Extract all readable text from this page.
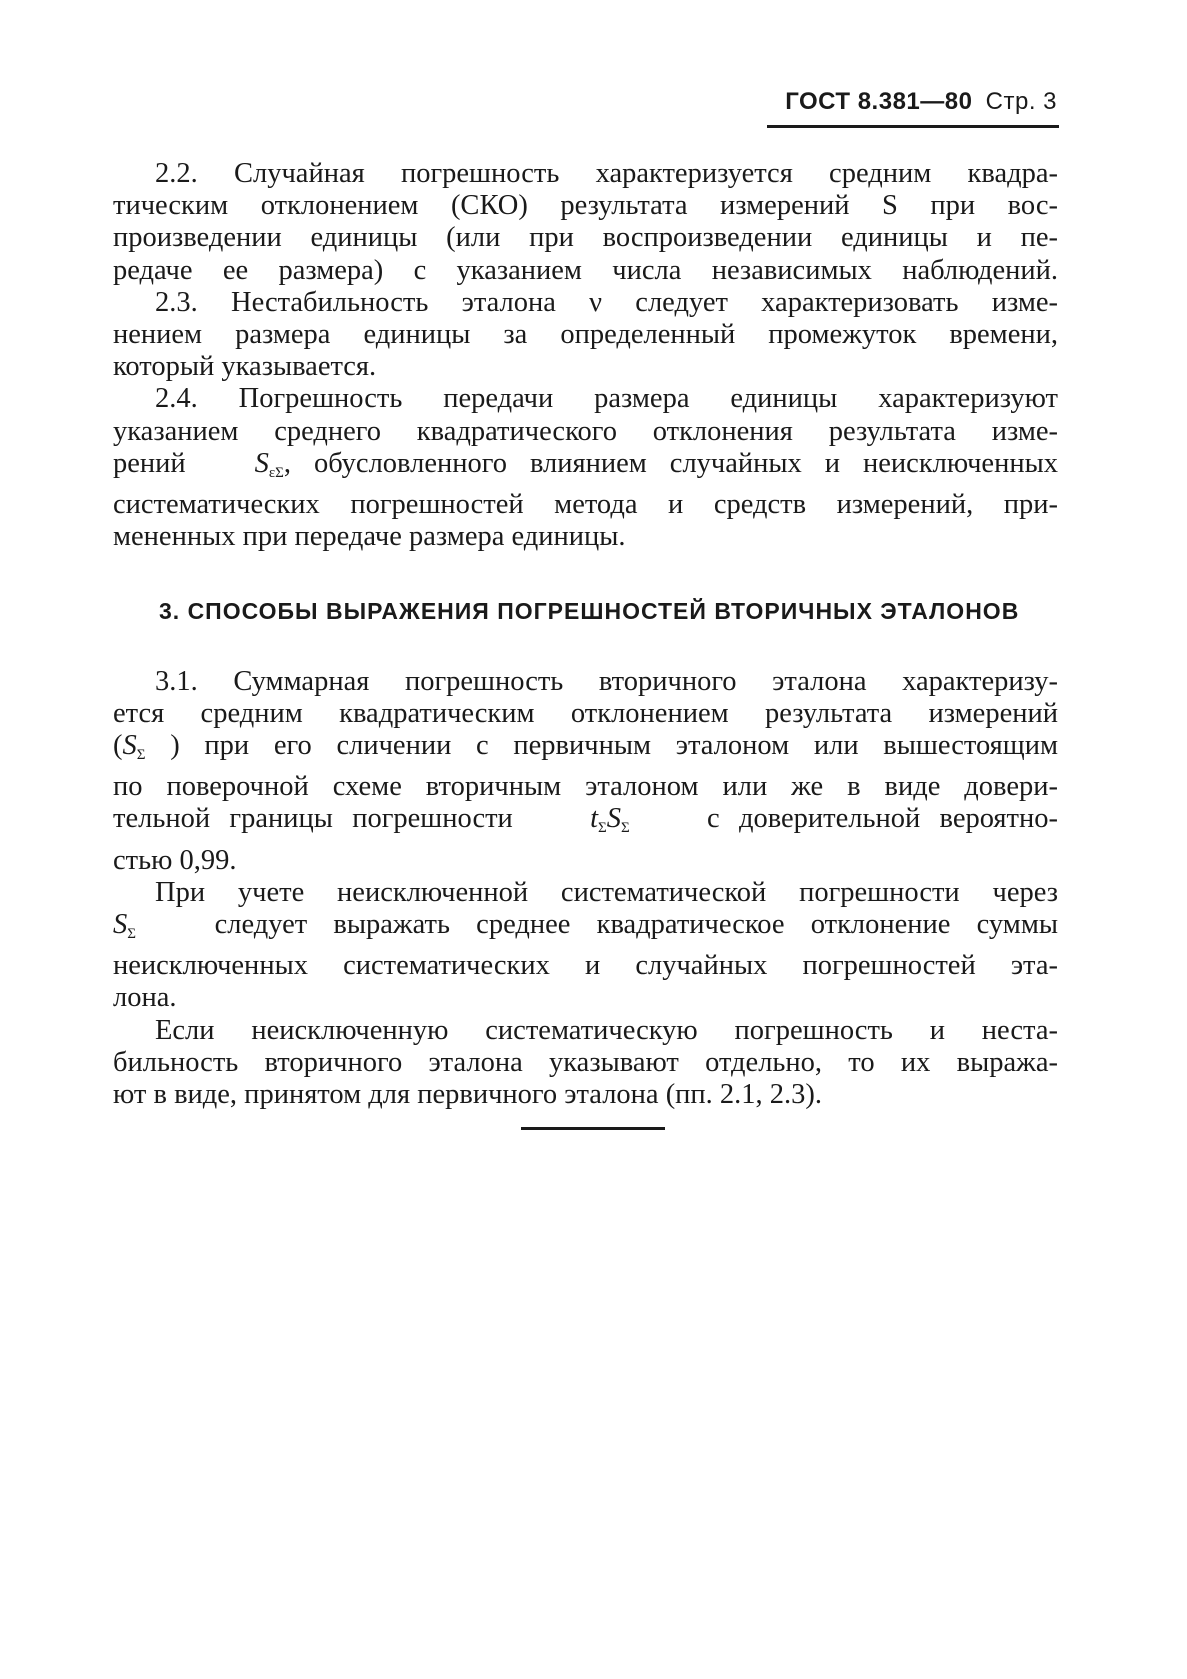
ГОСТ 8.381—80 Стр. 3

2.2. Случайная погрешность характеризуется средним квадра-
тическим отклонением (СКО) результата измерений S при вос-
произведении единицы (или при воспроизведении единицы и пе-
редаче ее размера) с указанием числа независимых наблюдений.

2.3. Нестабильность эталона ν следует характеризовать изме-
нением размера единицы за определенный промежуток времени,
который указывается.

2.4. Погрешность передачи размера единицы характеризуют
указанием среднего квадратического отклонения результата изме-
рений $S_{\varepsilon\Sigma}$, обусловленного влиянием случайных и неисключенных
систематических погрешностей метода и средств измерений, при-
мененных при передаче размера единицы.

3. СПОСОБЫ ВЫРАЖЕНИЯ ПОГРЕШНОСТЕЙ ВТОРИЧНЫХ ЭТАЛОНОВ

3.1. Суммарная погрешность вторичного эталона характеризу-
ется средним квадратическим отклонением результата измерений
($S_\Sigma$ ) при его сличении с первичным эталоном или вышестоящим
по поверочной схеме вторичным эталоном или же в виде довери-
тельной границы погрешности	$t_\Sigma S_\Sigma$	с доверительной вероятно-
стью 0,99.

При учете неисключенной систематической погрешности через
$S_\Sigma$	следует выражать среднее квадратическое отклонение суммы
неисключенных систематических и случайных погрешностей эта-
лона.

Если неисключенную систематическую погрешность и неста-
бильность вторичного эталона указывают отдельно, то их выража-
ют в виде, принятом для первичного эталона (пп. 2.1, 2.3).
